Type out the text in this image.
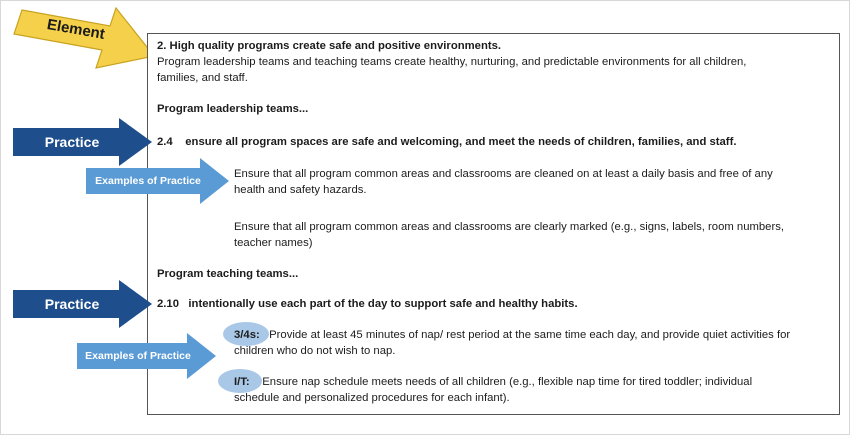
Element
2. High quality programs create safe and positive environments.
Program leadership teams and teaching teams create healthy, nurturing, and predictable environments for all children,
families, and staff.
Program leadership teams...
Practice	2.4    ensure all program spaces are safe and welcoming, and meet the needs of children, families, and staff.
Examples of Practice
Ensure that all program common areas and classrooms are cleaned on at least a daily basis and free of any
health and safety hazards.
Ensure that all program common areas and classrooms are clearly marked (e.g., signs, labels, room numbers,
teacher names)
Program teaching teams...
Practice	2.10   intentionally use each part of the day to support safe and healthy habits.
Examples of Practice
3/4s: Provide at least 45 minutes of nap/ rest period at the same time each day, and provide quiet activities for
children who do not wish to nap.
I/T: Ensure nap schedule meets needs of all children (e.g., flexible nap time for tired toddler; individual
schedule and personalized procedures for each infant).
